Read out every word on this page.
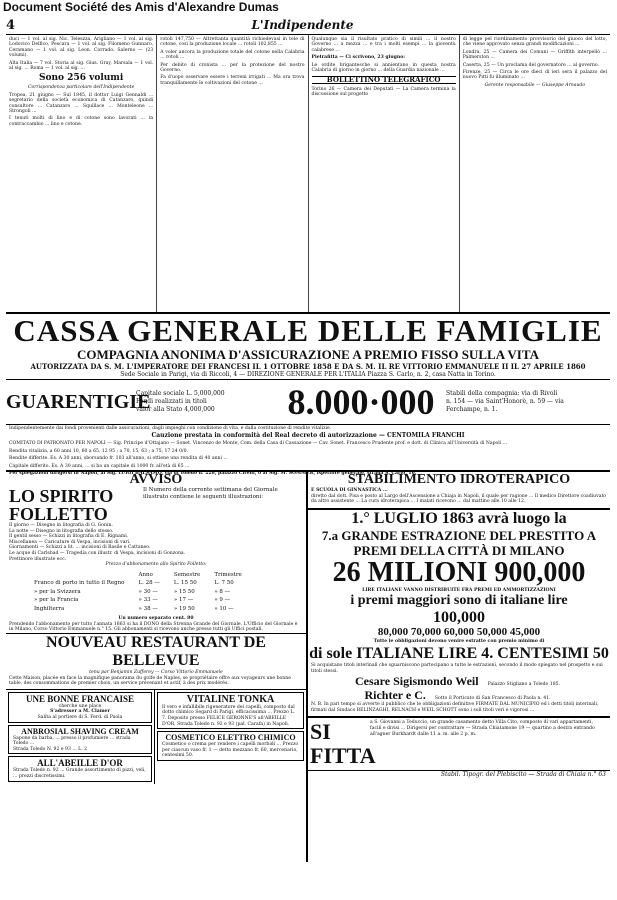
Document Société des Amis d'Alexandre Dumas
4	L'Indipendente

duci — 1 vol. al sig. Nic. Teleszza, Arigliano — 1 vol. al sig. Lodovico Delfico, Pescara — 1 vol. al sig. Filomeno Gunnaro, Ceramano — 1 vol. al sig. Leon. Corrado, Salerno — (23 volumi).

Alta Italia — 7 vol. Storia al sig. Gius. Gray, Marsala — 1 vol. al sig. ... Roma — 1 vol. al sig. ...

Sono 256 volumi

Corrispondenza particolare dell'Indipendente

Tropea, 21 giugno — Sul 1845, il dottor Luigi Gennaldi ... segretario della società economica di Catanzaro, quindi consultore ... Catanzaro ... Squillace ... Monteleone ... Strongoli ...

I tenuti molti di lino e di cotone sono lavorati ... in contraccambio ... lino e cotone.

rotoli 147,750 — Altrettanta quantità richiedevasi in tele di cotone, così la produzione locale ... rotoli 102,855 ...

A voler ancora la produzione totale del cotone nella Calabria ... rotoli ...

Per debito di cronista ... per la protezione del nostro Governo.

Fa d'uopo osservare essere i terreni irrigati ... Ma ora trova tranquillamente le coltivazioni del cotone ...

Qualunque sia il risultato pratico di simili ... il nostro Governo ... a mezza ... e tra i molti esempi ... la gioventù calabrese ...

Pietrafitta — Ci scrivono, 23 giugno:

Le ordite brigantesche si annientano in questa nostra Calabria di giorno in giorno ... della Guardia nazionale ...

BOLLETTINO TELEGRAFICO

Torino 26 — Camera dei Deputati — La Camera termina la discussione sul progetto

di legge pel riordinamento provvisorio del giuoco del lotto, che viene approvato senza grandi modificazioni ...

Londra, 25 — Camera dei Comuni — Griffith interpellò ... Palmerston ...

Caserta, 25 — Un proclama del governatore ... al governo.

Firenze, 25 — Circa le ore dieci di ieri sera il palazzo del nuovo Pitti fu illuminato ...

Gerente responsabile — Giuseppe Arnaudo

CASSA GENERALE DELLE FAMIGLIE
COMPAGNIA ANONIMA D'ASSICURAZIONE A PREMIO FISSO SULLA VITA
AUTORIZZATA DA S. M. L'IMPERATORE DEI FRANCESI IL 1 OTTOBRE 1858 E DA S. M. IL RE VITTORIO EMMANUELE II IL 27 APRILE 1860
Sede Sociale in Parigi, via di Riccoli, 4 — DIREZIONE GENERALE PER L'ITALIA Piazza S. Carlo, n. 2, casa Natta in Torino.
GUARENTIGIE
Capitale sociale L. 5,000,000
Fondi realizzati in titoli
valor alla Stato 4,000,000	8.000·000	Stabili della compagnia: via di Rivoli
n. 154 — via Saint'Honorè, n. 59 — via
Ferchampe, n. 1.
Indipendentemente dai fondi provenienti dalle assicurazioni, dagli impieghi con condizione di vita, e dalla costituzione di rendite vitalizie.
Cauzione prestata in conformità del Real decreto di autorizzazione — CENTOMILA FRANCHI
COMITATO DI PATRONATO PER NAPOLI — Sig. Principe d'Ottajano — Sonet. Vincenzo de Monte, Com. della Casa di Cassazione — Cav. Sonet. Francesco Prudente prof. e dott. di Clinica all'Università di Napoli ...
Rendita vitalizia, a 60 anni 10, 60 a 65, 12 95 ; a 70, 15, 63 ; a 75, 17 24 0/0.
Rendite differite. Es. A 30 anni, sborsando fr. 103 all'anno, si ottiene una rendita di 40 anni ...
Capitale differito. Es. A 30 anni, ... si ha un capitale di 1000 fr. all'età di 65 ...
Per spiegazioni dirigersi in Napoli, al Sig. LUIGI BALSAMO, via di Toledo n. 228, palazzo Cirelli, o al Sig. M. SOMMER, ispettore generale, strada S. Carlo, 16.
AVVISO
LO SPIRITO FOLLETTO
Il Numero della corrente settimana del Giornale illustrato contiene le seguenti illustrazioni:
Il giorno — Disegno in litografia di G. Gonin.
La notte — Disegno in litografia dello stesso.
Il gentil sesso — Schizzi in litografia di E. Rignami.
Miscellanea — Caricature di Vespa, incisioni di vari.
Giornamenti — Schizzi a lit. ... incisioni di Basile e Cattaneo.
Le acque di Carlsbad — Tragedia con illustr. di Vespa, incisioni di Gonzona.
Prettinore illustrate ecc.
Prezzo d'abbonamento allo Spirito Folletto:
	Anno	Semestre	Trimestre
Franco di porto in tutto il Regno	L. 28 —	L. 15 50	L. 7 50
» per la Svizzera	» 30 —	» 15 50	» 8 —
» per la Francia	» 33 —	» 17 —	» 9 —
Inghilterra	» 38 —	» 19 50	» 10 —
Un numero separato cent. 80
Prendendo l'abbonamento per tutto l'annata 1863 si ha il DONO della Strenna Grande del Giornale. L'Ufficio del Giornale è in Milano, Corso Vittorio Emmanuele n.° 15. Gli abbonamenti si ricevono anche presso tutti gli Uffici postali.
NOUVEAU RESTAURANT DE BELLEVUE
tenu par Benjamin Zufferey — Corso Vittorio Emmanuele
Cette Maison, placée en face la magnifique panorama du golfe de Naples, se propriétaire offre aux voyageurs une bonne table, des consommations de premier choix, un service prévenant et actif, à des prix modérés.
UNE BONNE FRANCAISE
cherche une place
S'adresser a M. Clamer
Salita al portiere di S. Ferd. di Paola
ANBROSIAL SHAVING CREAM
Sapone da barba, ... presso il profumiere ... strada Toledo ...
Strada Toledo N. 92 e 93 ... L. 2
ALL'ABEILLE D'OR
Strada Toledo n. 92 ... Grande assortimento di pizzi, veli, ... prezzi discretissimi.
VITALINE TONKA
Il vero e infallibile rigeneratore dei capelli, composto dal dotto chimico Segard di Parigi, efficacissima ... Prezzo L. 7. Deposito presso FELICE GERONNE'S all'ABEILLE D'OR, Strada Toledo n. 92 e 93 (pal. Carafa) in Napoli.
COSMETICO ELETTRO CHIMICO
Cosmetico o crema per rendere i capelli morbidi ... Prezzo per ciascun vaso fr. 1 — detto mezzano fr. 60, mercenario, centesimi 50.
STABILIMENTO IDROTERAPICO
E SCUOLA DI GINNASTICA ...
diretto dal dott. Pisa e posto al Largo dell'Ascensione a Chiaja in Napoli, il quale per ragione ... Il medico Direttore coadiuvato da altro assistente ... La cura idroterapica ... I malati ricevono ... dal mattino alle 10 alle 12.
1.° LUGLIO 1863 avrà luogo la
7.a GRANDE ESTRAZIONE DEL PRESTITO A PREMI DELLA CITTÀ DI MILANO
26 MILIONI 900,000
LIRE ITALIANE VANNO DISTRIBUITE FRA PREMI ED AMMORTIZZAZIONI
i premi maggiori sono di italiane lire
100,000
80,000 70,000 60,000 50,000 45,000
Tutte le obbligazioni devono venire estratte con premio minimo di
di sole ITALIANE LIRE 4. CENTESIMI 50
Si acquistano titoli interinali che sguarniscono partecipano a tutte le estrazioni, secondo il modo spiegato nel prospetto e sui titoli stessi.
Cesare Sigismondo Weil	Palazzo Stigliano a Toledo 185.
Richter e C.	Sotto il Porticato di San Francesco di Paola n. 41.
N. B. In pari tempo si avverte il pubblico che le obbligazioni definitive FIRMATE DAL MUNICIPIO ed i detti titoli interinali, firmati dal Sindaco BELINZAGHI, RELNACH e WEIL SCHOTT sono i soli titoli veri e vigorosi ...
SI FITTA
a S. Giovanni a Teduccio, un grande casamento detto Villa Cito, composto di vari appartamenti, facili e divisi ... Dirigersi per contrattare — Strada Chiatamone 19 — quartino a destra entrando all'agner Burkhardt dalle 11 a. m. alle 2 p. m.
Stabil. Tipogr. del Plebiscito — Strada di Chiaia n.° 63
